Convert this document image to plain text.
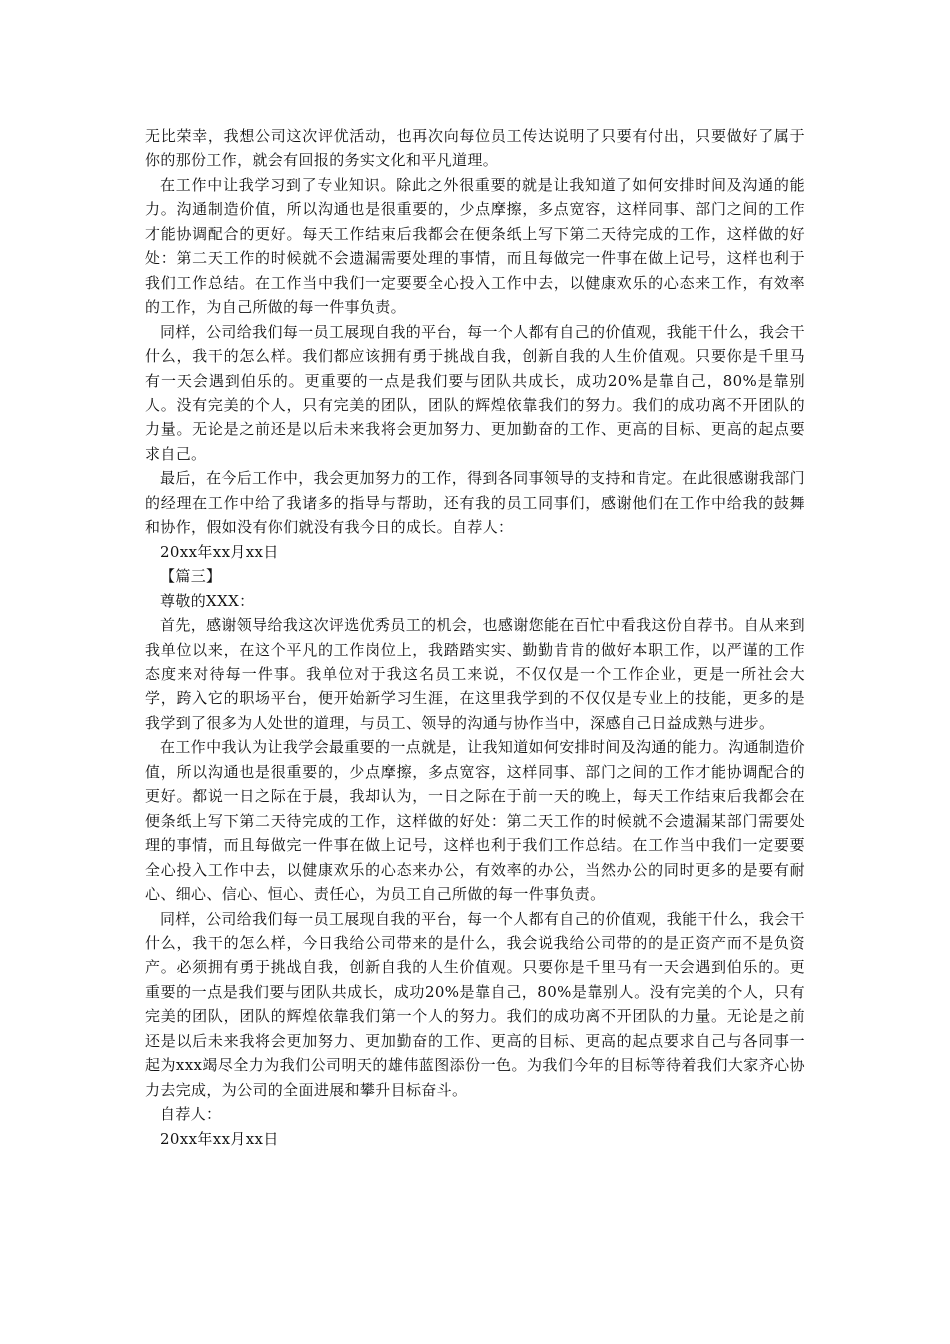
无比荣幸，我想公司这次评优活动，也再次向每位员工传达说明了只要有付出，只要做好了属于你的那份工作，就会有回报的务实文化和平凡道理。

在工作中让我学习到了专业知识。除此之外很重要的就是让我知道了如何安排时间及沟通的能力。沟通制造价值，所以沟通也是很重要的，少点摩擦，多点宽容，这样同事、部门之间的工作才能协调配合的更好。每天工作结束后我都会在便条纸上写下第二天待完成的工作，这样做的好处：第二天工作的时候就不会遗漏需要处理的事情，而且每做完一件事在做上记号，这样也利于我们工作总结。在工作当中我们一定要要全心投入工作中去，以健康欢乐的心态来工作，有效率的工作，为自己所做的每一件事负责。

同样，公司给我们每一员工展现自我的平台，每一个人都有自己的价值观，我能干什么，我会干什么，我干的怎么样。我们都应该拥有勇于挑战自我，创新自我的人生价值观。只要你是千里马有一天会遇到伯乐的。更重要的一点是我们要与团队共成长，成功20%是靠自己，80%是靠别人。没有完美的个人，只有完美的团队，团队的辉煌依靠我们的努力。我们的成功离不开团队的力量。无论是之前还是以后未来我将会更加努力、更加勤奋的工作、更高的目标、更高的起点要求自己。

最后，在今后工作中，我会更加努力的工作，得到各同事领导的支持和肯定。在此很感谢我部门的经理在工作中给了我诸多的指导与帮助，还有我的员工同事们，感谢他们在工作中给我的鼓舞和协作，假如没有你们就没有我今日的成长。自荐人：

20xx年xx月xx日

【篇三】

尊敬的XXX：

首先，感谢领导给我这次评选优秀员工的机会，也感谢您能在百忙中看我这份自荐书。自从来到我单位以来，在这个平凡的工作岗位上，我踏踏实实、勤勤肯肯的做好本职工作，以严谨的工作态度来对待每一件事。我单位对于我这名员工来说，不仅仅是一个工作企业，更是一所社会大学，跨入它的职场平台，便开始新学习生涯，在这里我学到的不仅仅是专业上的技能，更多的是我学到了很多为人处世的道理，与员工、领导的沟通与协作当中，深感自己日益成熟与进步。

在工作中我认为让我学会最重要的一点就是，让我知道如何安排时间及沟通的能力。沟通制造价值，所以沟通也是很重要的，少点摩擦，多点宽容，这样同事、部门之间的工作才能协调配合的更好。都说一日之际在于晨，我却认为，一日之际在于前一天的晚上，每天工作结束后我都会在便条纸上写下第二天待完成的工作，这样做的好处：第二天工作的时候就不会遗漏某部门需要处理的事情，而且每做完一件事在做上记号，这样也利于我们工作总结。在工作当中我们一定要要全心投入工作中去，以健康欢乐的心态来办公，有效率的办公，当然办公的同时更多的是要有耐心、细心、信心、恒心、责任心，为员工自己所做的每一件事负责。

同样，公司给我们每一员工展现自我的平台，每一个人都有自己的价值观，我能干什么，我会干什么，我干的怎么样，今日我给公司带来的是什么，我会说我给公司带的的是正资产而不是负资产。必须拥有勇于挑战自我，创新自我的人生价值观。只要你是千里马有一天会遇到伯乐的。更重要的一点是我们要与团队共成长，成功20%是靠自己，80%是靠别人。没有完美的个人，只有完美的团队，团队的辉煌依靠我们第一个人的努力。我们的成功离不开团队的力量。无论是之前还是以后未来我将会更加努力、更加勤奋的工作、更高的目标、更高的起点要求自己与各同事一起为xxx竭尽全力为我们公司明天的雄伟蓝图添份一色。为我们今年的目标等待着我们大家齐心协力去完成，为公司的全面进展和攀升目标奋斗。

自荐人：

20xx年xx月xx日
